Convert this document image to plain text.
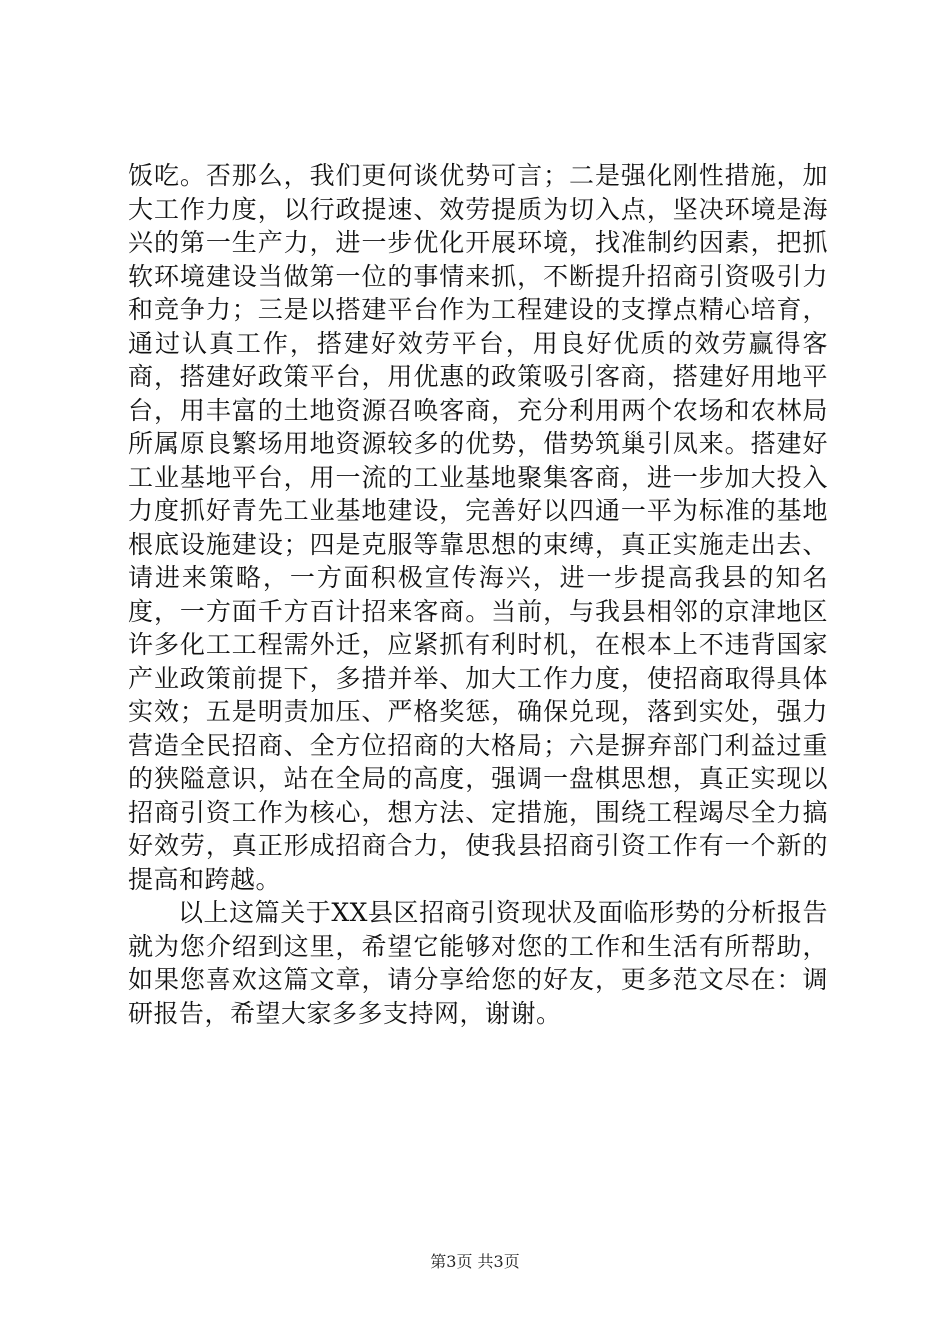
饭吃。否那么，我们更何谈优势可言；二是强化刚性措施，加大工作力度，以行政提速、效劳提质为切入点，坚决环境是海兴的第一生产力，进一步优化开展环境，找准制约因素，把抓软环境建设当做第一位的事情来抓，不断提升招商引资吸引力和竞争力；三是以搭建平台作为工程建设的支撑点精心培育，通过认真工作，搭建好效劳平台，用良好优质的效劳赢得客商，搭建好政策平台，用优惠的政策吸引客商，搭建好用地平台，用丰富的土地资源召唤客商，充分利用两个农场和农林局所属原良繁场用地资源较多的优势，借势筑巢引凤来。搭建好工业基地平台，用一流的工业基地聚集客商，进一步加大投入力度抓好青先工业基地建设，完善好以四通一平为标准的基地根底设施建设；四是克服等靠思想的束缚，真正实施走出去、请进来策略，一方面积极宣传海兴，进一步提高我县的知名度，一方面千方百计招来客商。当前，与我县相邻的京津地区许多化工工程需外迁，应紧抓有利时机，在根本上不违背国家产业政策前提下，多措并举、加大工作力度，使招商取得具体实效；五是明责加压、严格奖惩，确保兑现，落到实处，强力营造全民招商、全方位招商的大格局；六是摒弃部门利益过重的狭隘意识，站在全局的高度，强调一盘棋思想，真正实现以招商引资工作为核心，想方法、定措施，围绕工程竭尽全力搞好效劳，真正形成招商合力，使我县招商引资工作有一个新的提高和跨越。

以上这篇关于XX县区招商引资现状及面临形势的分析报告就为您介绍到这里，希望它能够对您的工作和生活有所帮助，如果您喜欢这篇文章，请分享给您的好友，更多范文尽在：调研报告，希望大家多多支持网，谢谢。

第3页 共3页
